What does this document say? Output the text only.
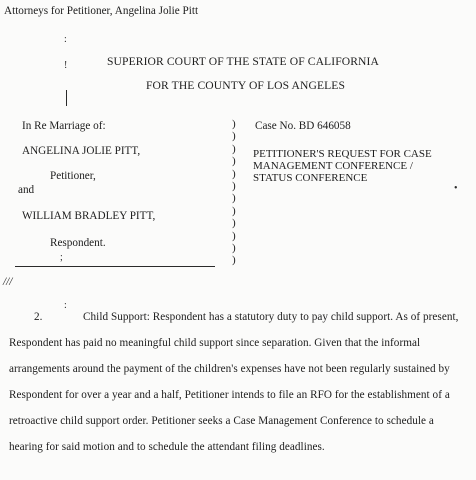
Attorneys for Petitioner, Angelina Jolie Pitt
:
!	SUPERIOR COURT OF THE STATE OF CALIFORNIA
FOR THE COUNTY OF LOS ANGELES
In Re Marriage of:
ANGELINA JOLIE PITT,
Petitioner,
and
WILLIAM BRADLEY PITT,
Respondent.
;
)
)
)
)
)
)
)
)
)
)
)
)
Case No. BD 646058
PETITIONER'S REQUEST FOR CASE
MANAGEMENT CONFERENCE /
STATUS CONFERENCE
•
///
:
2.	Child Support: Respondent has a statutory duty to pay child support. As of present,
Respondent has paid no meaningful child support since separation. Given that the informal
arrangements around the payment of the children's expenses have not been regularly sustained by
Respondent for over a year and a half, Petitioner intends to file an RFO for the establishment of a
retroactive child support order. Petitioner seeks a Case Management Conference to schedule a
hearing for said motion and to schedule the attendant filing deadlines.
